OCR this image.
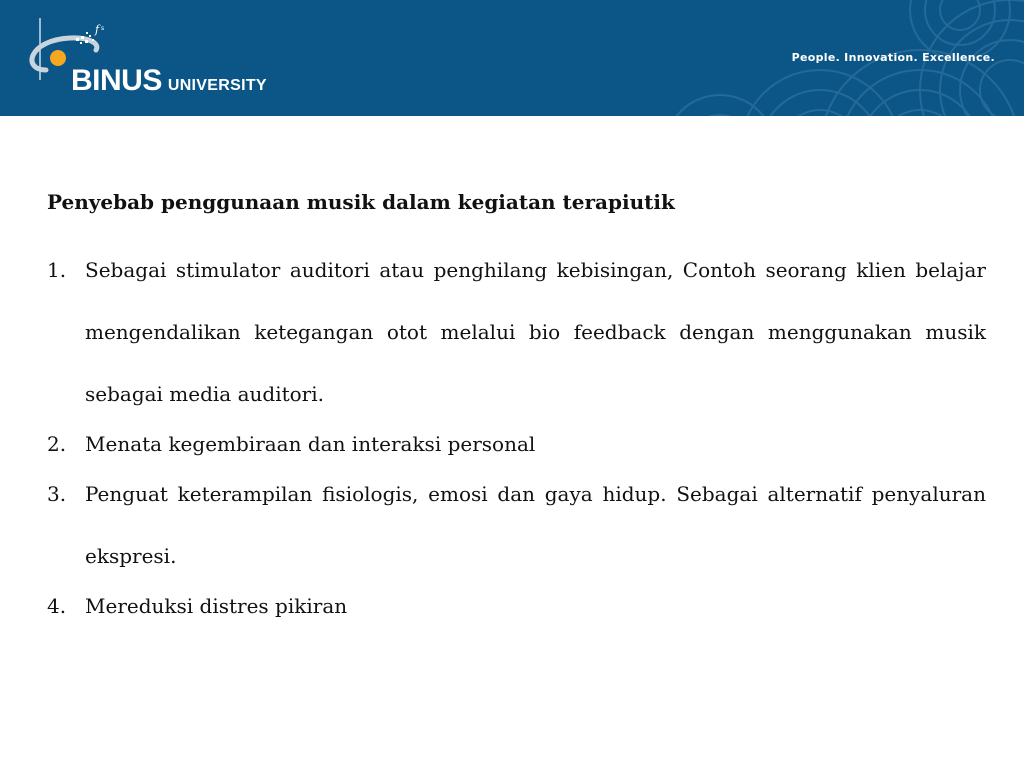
f s
BINUS UNIVERSITY
People. Innovation. Excellence.
Penyebab penggunaan musik dalam kegiatan terapiutik
1. Sebagai stimulator auditori atau penghilang kebisingan, Contoh seorang klien belajar mengendalikan ketegangan otot melalui bio feedback dengan menggunakan musik sebagai media auditori.
2. Menata kegembiraan dan interaksi personal
3. Penguat keterampilan fisiologis, emosi dan gaya hidup. Sebagai alternatif penyaluran ekspresi.
4. Mereduksi distres pikiran
